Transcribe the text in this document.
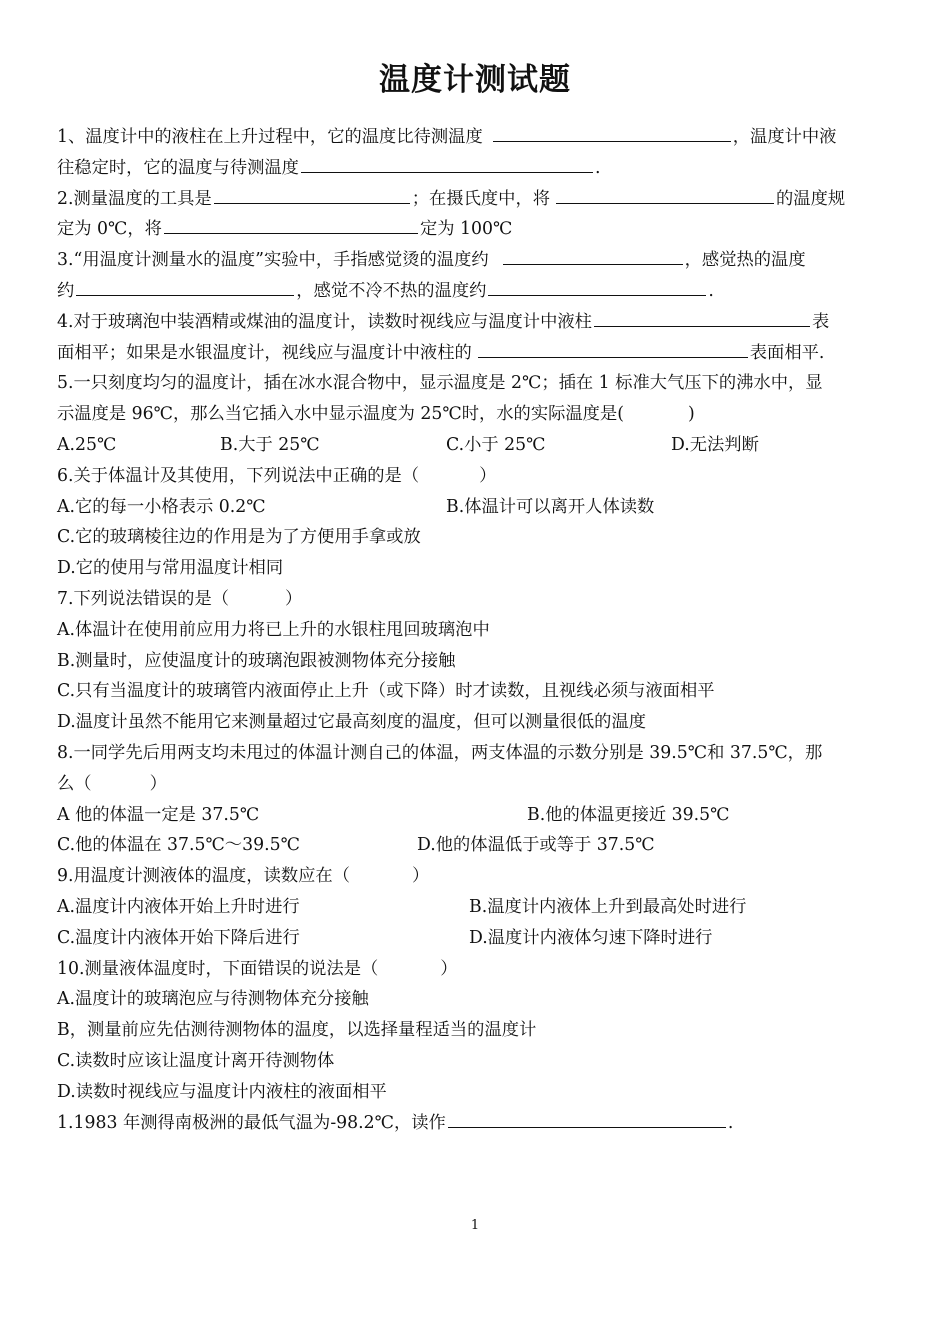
温度计测试题
1、温度计中的液柱在上升过程中，它的温度比待测温度	，温度计中液
往稳定时，它的温度与待测温度	.
2.测量温度的工具是	；在摄氏度中，将	的温度规
定为 0℃，将	定为 100℃
3.“用温度计测量水的温度”实验中，手指感觉烫的温度约	，感觉热的温度
约	，感觉不冷不热的温度约	.
4.对于玻璃泡中装酒精或煤油的温度计，读数时视线应与温度计中液柱	表
面相平；如果是水银温度计，视线应与温度计中液柱的	表面相平.
5.一只刻度均匀的温度计，插在冰水混合物中，显示温度是 2℃；插在 1 标准大气压下的沸水中，显
示温度是 96℃，那么当它插入水中显示温度为 25℃时，水的实际温度是(	)
A.25℃	B.大于 25℃	C.小于 25℃	D.无法判断
6.关于体温计及其使用，下列说法中正确的是（	）
A.它的每一小格表示 0.2℃	B.体温计可以离开人体读数
C.它的玻璃棱往边的作用是为了方便用手拿或放
D.它的使用与常用温度计相同
7.下列说法错误的是（	）
A.体温计在使用前应用力将已上升的水银柱甩回玻璃泡中
B.测量时，应使温度计的玻璃泡跟被测物体充分接触
C.只有当温度计的玻璃管内液面停止上升（或下降）时才读数，且视线必须与液面相平
D.温度计虽然不能用它来测量超过它最高刻度的温度，但可以测量很低的温度
8.一同学先后用两支均未甩过的体温计测自己的体温，两支体温的示数分别是 39.5℃和 37.5℃，那
么（	）
A 他的体温一定是 37.5℃	B.他的体温更接近 39.5℃
C.他的体温在 37.5℃～39.5℃	D.他的体温低于或等于 37.5℃
9.用温度计测液体的温度，读数应在（	）
A.温度计内液体开始上升时进行	B.温度计内液体上升到最高处时进行
C.温度计内液体开始下降后进行	D.温度计内液体匀速下降时进行
10.测量液体温度时，下面错误的说法是（	）
A.温度计的玻璃泡应与待测物体充分接触
B，测量前应先估测待测物体的温度，以选择量程适当的温度计
C.读数时应该让温度计离开待测物体
D.读数时视线应与温度计内液柱的液面相平
1.1983 年测得南极洲的最低气温为-98.2℃，读作	.
1
